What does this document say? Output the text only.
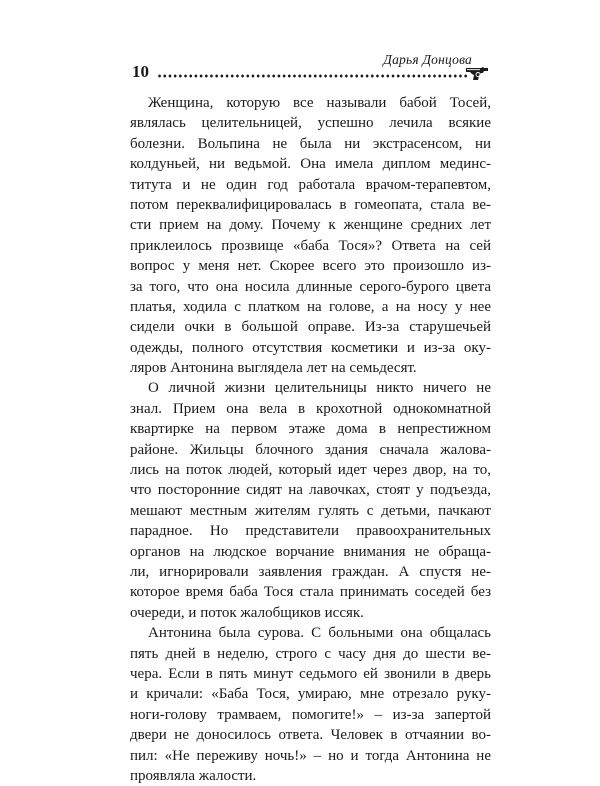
10
Дарья Донцова

Женщина, которую все называли бабой Тосей,
являлась целительницей, успешно лечила всякие
болезни. Вольпина не была ни экстрасенсом, ни
колдуньей, ни ведьмой. Она имела диплом мединс-
титута и не один год работала врачом-терапевтом,
потом переквалифицировалась в гомеопата, стала ве-
сти прием на дому. Почему к женщине средних лет
приклеилось прозвище «баба Тося»? Ответа на сей
вопрос у меня нет. Скорее всего это произошло из-
за того, что она носила длинные серого-бурого цвета
платья, ходила с платком на голове, а на носу у нее
сидели очки в большой оправе. Из-за старушечьей
одежды, полного отсутствия косметики и из-за оку-
ляров Антонина выглядела лет на семьдесят.

О личной жизни целительницы никто ничего не
знал. Прием она вела в крохотной однокомнатной
квартирке на первом этаже дома в непрестижном
районе. Жильцы блочного здания сначала жалова-
лись на поток людей, который идет через двор, на то,
что посторонние сидят на лавочках, стоят у подъезда,
мешают местным жителям гулять с детьми, пачкают
парадное. Но представители правоохранительных
органов на людское ворчание внимания не обраща-
ли, игнорировали заявления граждан. А спустя не-
которое время баба Тося стала принимать соседей без
очереди, и поток жалобщиков иссяк.

Антонина была сурова. С больными она общалась
пять дней в неделю, строго с часу дня до шести ве-
чера. Если в пять минут седьмого ей звонили в дверь
и кричали: «Баба Тося, умираю, мне отрезало руку-
ноги-голову трамваем, помогите!» – из-за запертой
двери не доносилось ответа. Человек в отчаянии во-
пил: «Не переживу ночь!» – но и тогда Антонина не
проявляла жалости.
